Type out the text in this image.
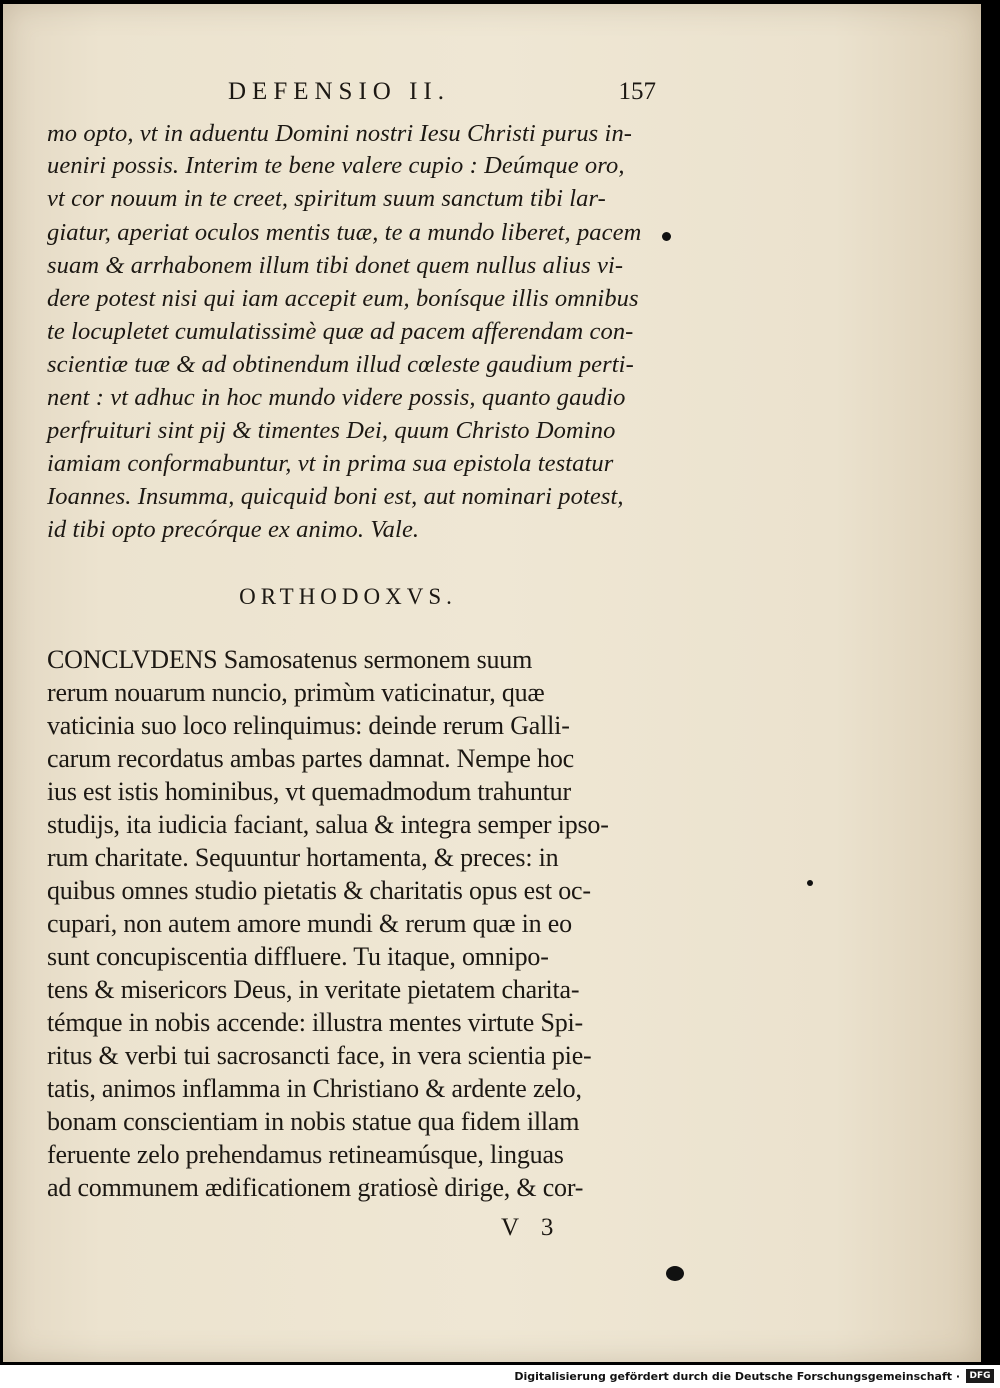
DEFENSIO II.	157
mo opto, vt in aduentu Domini nostri Iesu Christi purus in-
ueniri possis. Interim te bene valere cupio : Deúmque oro,
vt cor nouum in te creet, spiritum suum sanctum tibi lar-
giatur, aperiat oculos mentis tuæ, te a mundo liberet, pacem
suam & arrhabonem illum tibi donet quem nullus alius vi-
dere potest nisi qui iam accepit eum, bonísque illis omnibus
te locupletet cumulatissimè quæ ad pacem afferendam con-
scientiæ tuæ & ad obtinendum illud cœleste gaudium perti-
nent : vt adhuc in hoc mundo videre possis, quanto gaudio
perfruituri sint pij & timentes Dei, quum Christo Domino
iamiam conformabuntur, vt in prima sua epistola testatur
Ioannes. Insumma, quicquid boni est, aut nominari potest,
id tibi opto precórque ex animo. Vale.
ORTHODOXVS.
CONCLVDENS Samosatenus sermonem suum
rerum nouarum nuncio, primùm vaticinatur, quæ
vaticinia suo loco relinquimus: deinde rerum Galli-
carum recordatus ambas partes damnat. Nempe hoc
ius est istis hominibus, vt quemadmodum trahuntur
studijs, ita iudicia faciant, salua & integra semper ipso-
rum charitate. Sequuntur hortamenta, & preces: in
quibus omnes studio pietatis & charitatis opus est oc-
cupari, non autem amore mundi & rerum quæ in eo
sunt concupiscentia diffluere. Tu itaque, omnipo-
tens & misericors Deus, in veritate pietatem charita-
témque in nobis accende: illustra mentes virtute Spi-
ritus & verbi tui sacrosancti face, in vera scientia pie-
tatis, animos inflamma in Christiano & ardente zelo,
bonam conscientiam in nobis statue qua fidem illam
feruente zelo prehendamus retineamúsque, linguas
ad communem ædificationem gratiosè dirige, & cor-
V 3
Digitalisierung gefördert durch die Deutsche Forschungsgemeinschaft ·	DFG
